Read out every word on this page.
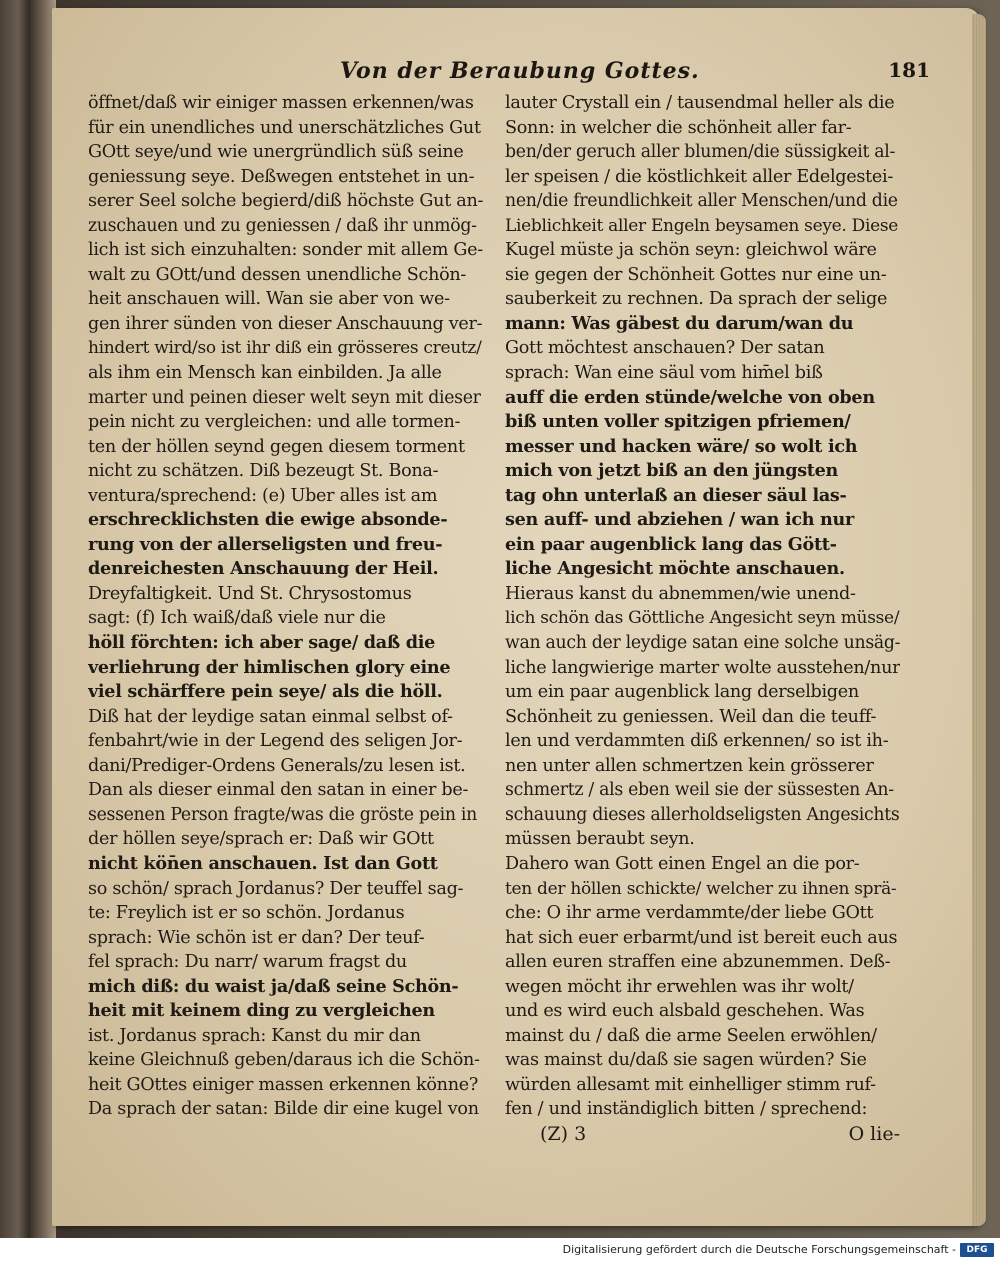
Von der Beraubung Gottes.	181
öffnet/daß wir einiger massen erkennen/was
für ein unendliches und unerschätzliches Gut
GOtt seye/und wie unergründlich süß seine
geniessung seye. Deßwegen entstehet in un-
serer Seel solche begierd/diß höchste Gut an-
zuschauen und zu geniessen / daß ihr unmög-
lich ist sich einzuhalten: sonder mit allem Ge-
walt zu GOtt/und dessen unendliche Schön-
heit anschauen will. Wan sie aber von we-
gen ihrer sünden von dieser Anschauung ver-
hindert wird/so ist ihr diß ein grösseres creutz/
als ihm ein Mensch kan einbilden. Ja alle
marter und peinen dieser welt seyn mit dieser
pein nicht zu vergleichen: und alle tormen-
ten der höllen seynd gegen diesem torment
nicht zu schätzen. Diß bezeugt St. Bona-
ventura/sprechend: (e) Uber alles ist am
erschrecklichsten die ewige absonde-
rung von der allerseligsten und freu-
denreichesten Anschauung der Heil.
Dreyfaltigkeit. Und St. Chrysostomus
sagt: (f) Ich waiß/daß viele nur die
höll förchten: ich aber sage/ daß die
verliehrung der himlischen glory eine
viel schärffere pein seye/ als die höll.
Diß hat der leydige satan einmal selbst of-
fenbahrt/wie in der Legend des seligen Jor-
dani/Prediger-Ordens Generals/zu lesen ist.
Dan als dieser einmal den satan in einer be-
sessenen Person fragte/was die gröste pein in
der höllen seye/sprach er: Daß wir GOtt
nicht kön̄en anschauen. Ist dan Gott
so schön/ sprach Jordanus? Der teuffel sag-
te: Freylich ist er so schön. Jordanus
sprach: Wie schön ist er dan? Der teuf-
fel sprach: Du narr/ warum fragst du
mich diß: du waist ja/daß seine Schön-
heit mit keinem ding zu vergleichen
ist. Jordanus sprach: Kanst du mir dan
keine Gleichnuß geben/daraus ich die Schön-
heit GOttes einiger massen erkennen könne?
Da sprach der satan: Bilde dir eine kugel von
lauter Crystall ein / tausendmal heller als die
Sonn: in welcher die schönheit aller far-
ben/der geruch aller blumen/die süssigkeit al-
ler speisen / die köstlichkeit aller Edelgestei-
nen/die freundlichkeit aller Menschen/und die
Lieblichkeit aller Engeln beysamen seye. Diese
Kugel müste ja schön seyn: gleichwol wäre
sie gegen der Schönheit Gottes nur eine un-
sauberkeit zu rechnen. Da sprach der selige
mann: Was gäbest du darum/wan du
Gott möchtest anschauen? Der satan
sprach: Wan eine säul vom him̄el biß
auff die erden stünde/welche von oben
biß unten voller spitzigen pfriemen/
messer und hacken wäre/ so wolt ich
mich von jetzt biß an den jüngsten
tag ohn unterlaß an dieser säul las-
sen auff- und abziehen / wan ich nur
ein paar augenblick lang das Gött-
liche Angesicht möchte anschauen.
Hieraus kanst du abnemmen/wie unend-
lich schön das Göttliche Angesicht seyn müsse/
wan auch der leydige satan eine solche unsäg-
liche langwierige marter wolte ausstehen/nur
um ein paar augenblick lang derselbigen
Schönheit zu geniessen. Weil dan die teuff-
len und verdammten diß erkennen/ so ist ih-
nen unter allen schmertzen kein grösserer
schmertz / als eben weil sie der süssesten An-
schauung dieses allerholdseligsten Angesichts
müssen beraubt seyn.
Dahero wan Gott einen Engel an die por-
ten der höllen schickte/ welcher zu ihnen sprä-
che: O ihr arme verdammte/der liebe GOtt
hat sich euer erbarmt/und ist bereit euch aus
allen euren straffen eine abzunemmen. Deß-
wegen möcht ihr erwehlen was ihr wolt/
und es wird euch alsbald geschehen. Was
mainst du / daß die arme Seelen erwöhlen/
was mainst du/daß sie sagen würden? Sie
würden allesamt mit einhelliger stimm ruf-
fen / und inständiglich bitten / sprechend:
(Z) 3	O lie-
Digitalisierung gefördert durch die Deutsche Forschungsgemeinschaft -	DFG
